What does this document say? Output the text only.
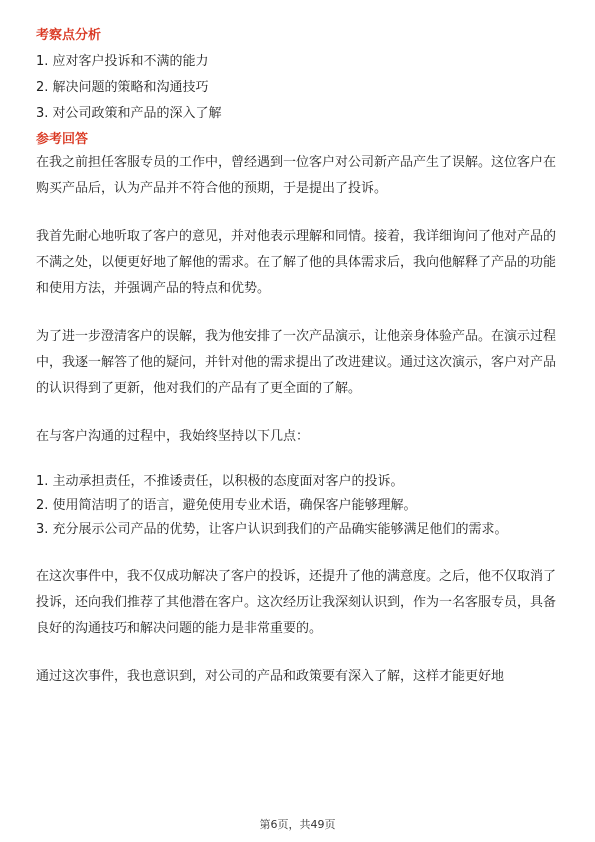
考察点分析

1. 应对客户投诉和不满的能力

2. 解决问题的策略和沟通技巧

3. 对公司政策和产品的深入了解

参考回答

在我之前担任客服专员的工作中，曾经遇到一位客户对公司新产品产生了误解。这位客户在购买产品后，认为产品并不符合他的预期，于是提出了投诉。

我首先耐心地听取了客户的意见，并对他表示理解和同情。接着，我详细询问了他对产品的不满之处，以便更好地了解他的需求。在了解了他的具体需求后，我向他解释了产品的功能和使用方法，并强调产品的特点和优势。

为了进一步澄清客户的误解，我为他安排了一次产品演示，让他亲身体验产品。在演示过程中，我逐一解答了他的疑问，并针对他的需求提出了改进建议。通过这次演示，客户对产品的认识得到了更新，他对我们的产品有了更全面的了解。

在与客户沟通的过程中，我始终坚持以下几点：

1. 主动承担责任，不推诿责任，以积极的态度面对客户的投诉。

2. 使用简洁明了的语言，避免使用专业术语，确保客户能够理解。

3. 充分展示公司产品的优势，让客户认识到我们的产品确实能够满足他们的需求。

在这次事件中，我不仅成功解决了客户的投诉，还提升了他的满意度。之后，他不仅取消了投诉，还向我们推荐了其他潜在客户。这次经历让我深刻认识到，作为一名客服专员，具备良好的沟通技巧和解决问题的能力是非常重要的。

通过这次事件，我也意识到，对公司的产品和政策要有深入了解，这样才能更好地

第6页，共49页
